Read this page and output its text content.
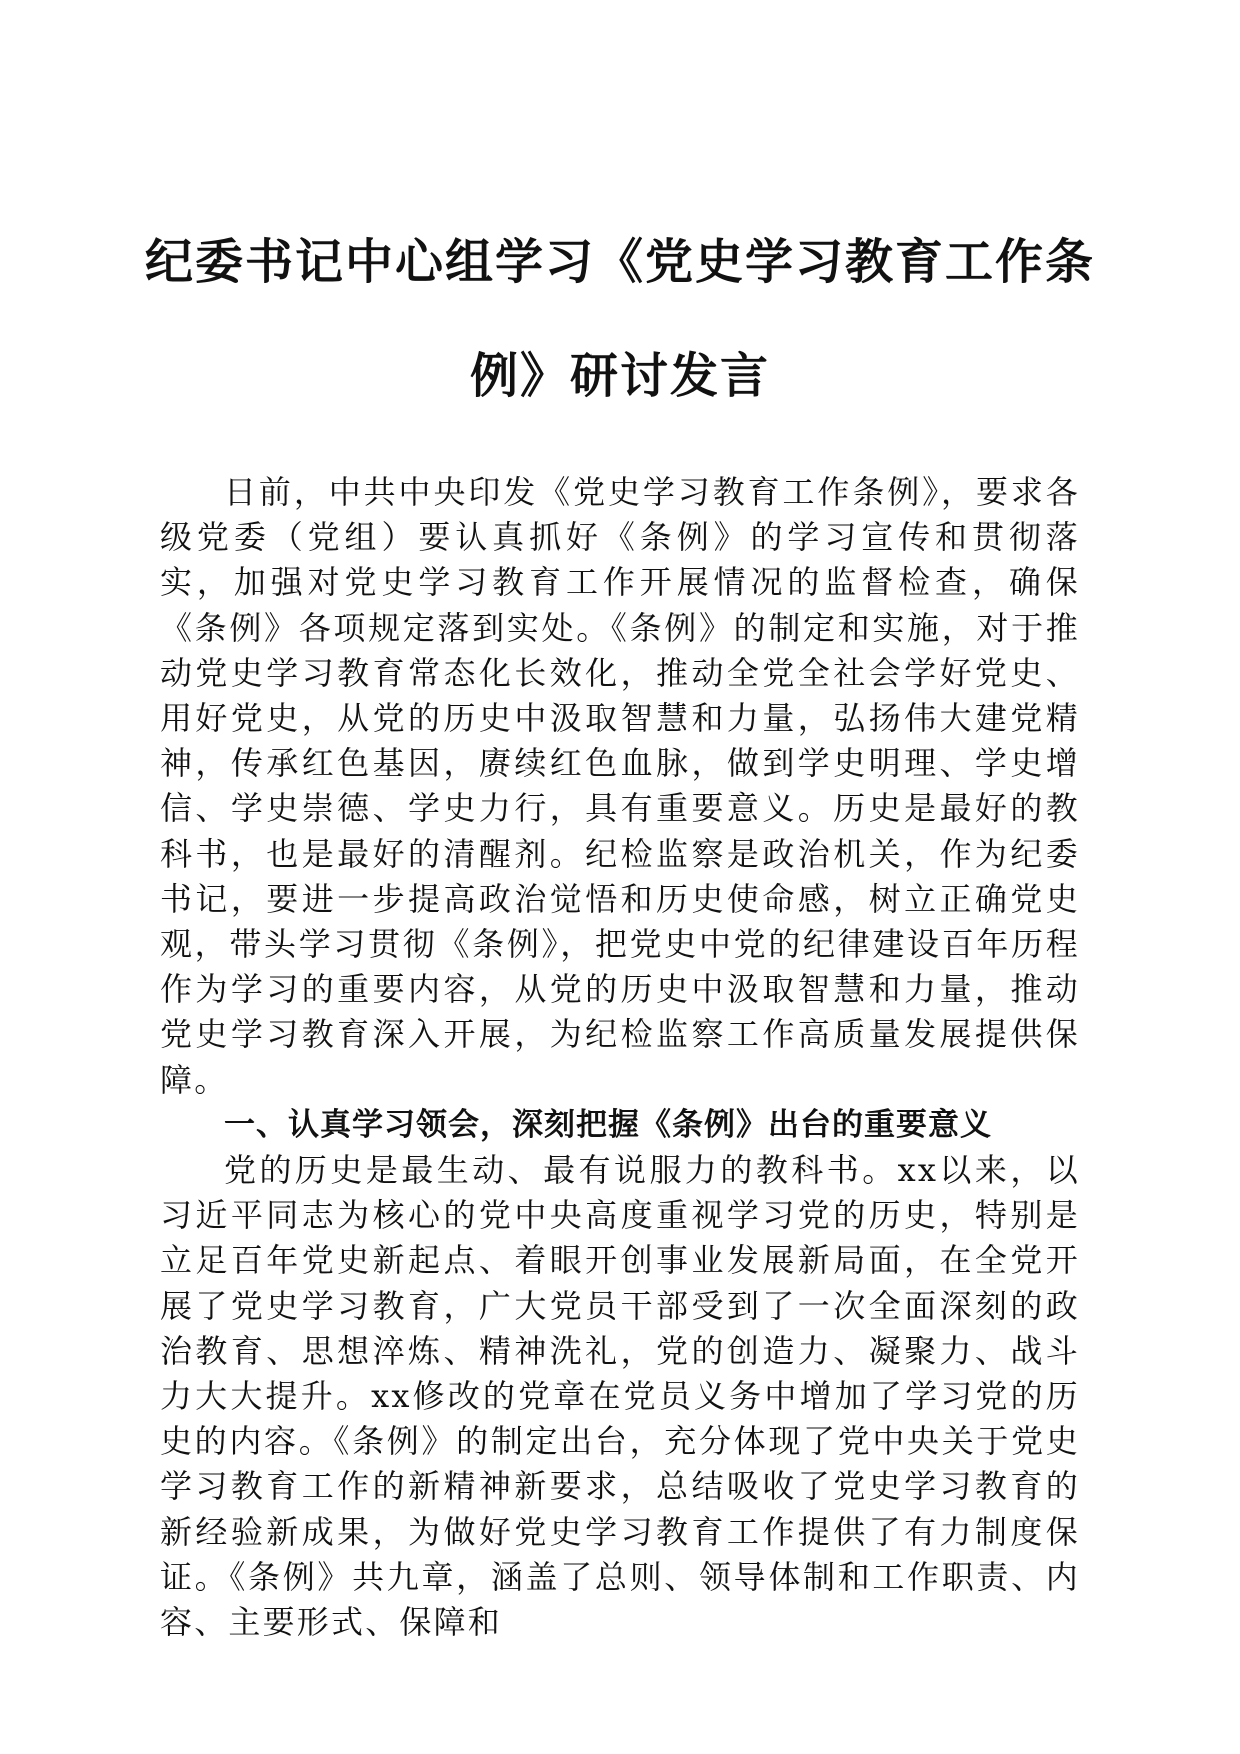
纪委书记中心组学习《党史学习教育工作条
例》研讨发言

日前，中共中央印发《党史学习教育工作条例》，要求各级党委（党组）要认真抓好《条例》的学习宣传和贯彻落实，加强对党史学习教育工作开展情况的监督检查，确保《条例》各项规定落到实处。《条例》的制定和实施，对于推动党史学习教育常态化长效化，推动全党全社会学好党史、用好党史，从党的历史中汲取智慧和力量，弘扬伟大建党精神，传承红色基因，赓续红色血脉，做到学史明理、学史增信、学史崇德、学史力行，具有重要意义。历史是最好的教科书，也是最好的清醒剂。纪检监察是政治机关，作为纪委书记，要进一步提高政治觉悟和历史使命感，树立正确党史观，带头学习贯彻《条例》，把党史中党的纪律建设百年历程作为学习的重要内容，从党的历史中汲取智慧和力量，推动党史学习教育深入开展，为纪检监察工作高质量发展提供保障。

一、认真学习领会，深刻把握《条例》出台的重要意义

党的历史是最生动、最有说服力的教科书。xx以来，以习近平同志为核心的党中央高度重视学习党的历史，特别是立足百年党史新起点、着眼开创事业发展新局面，在全党开展了党史学习教育，广大党员干部受到了一次全面深刻的政治教育、思想淬炼、精神洗礼，党的创造力、凝聚力、战斗力大大提升。xx修改的党章在党员义务中增加了学习党的历史的内容。《条例》的制定出台，充分体现了党中央关于党史学习教育工作的新精神新要求，总结吸收了党史学习教育的新经验新成果，为做好党史学习教育工作提供了有力制度保证。《条例》共九章，涵盖了总则、领导体制和工作职责、内容、主要形式、保障和
